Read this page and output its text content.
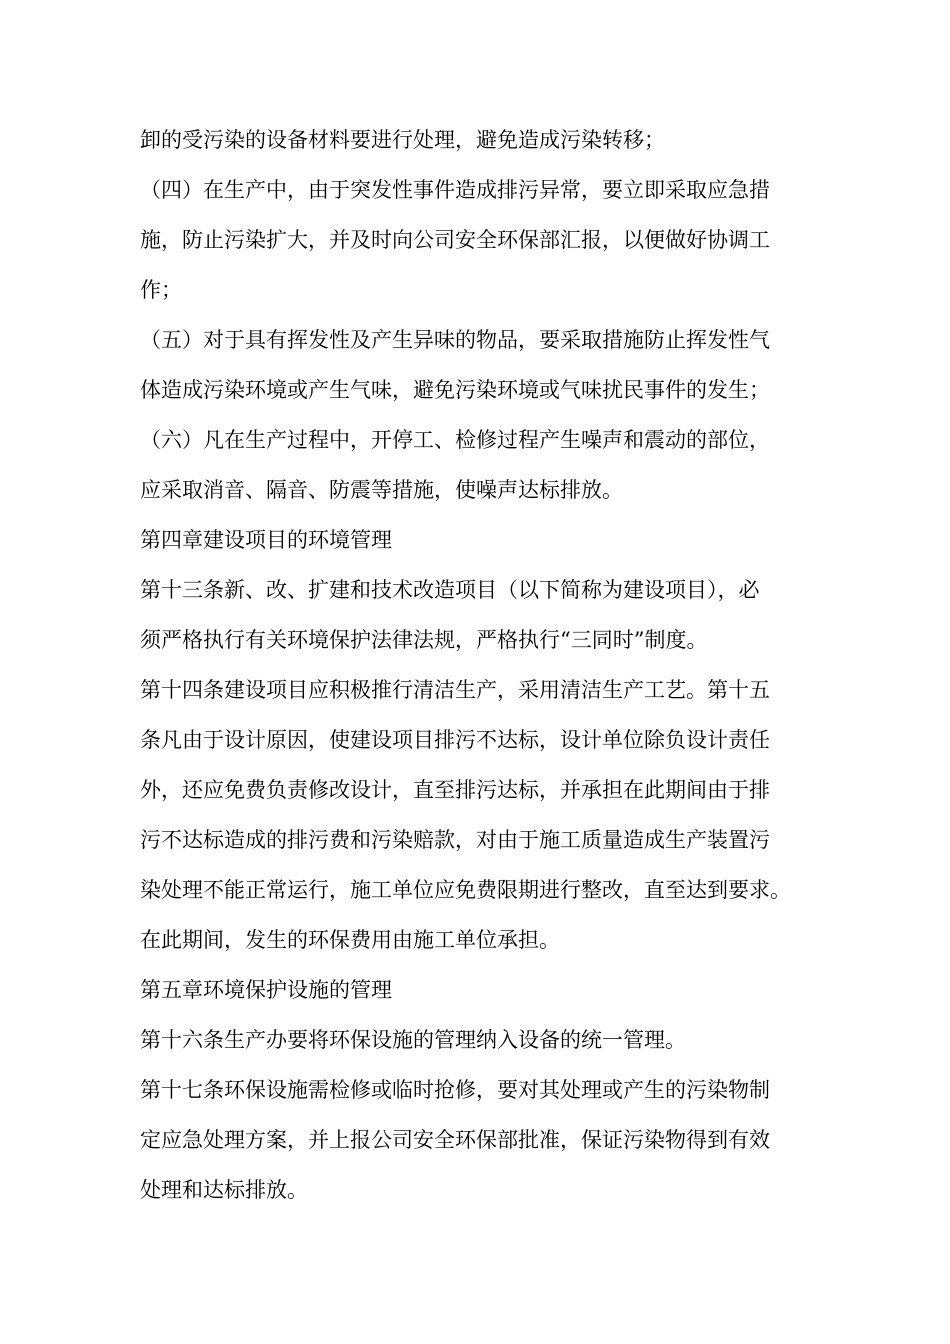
卸的受污染的设备材料要进行处理，避免造成污染转移；
（四）在生产中，由于突发性事件造成排污异常，要立即采取应急措
施，防止污染扩大，并及时向公司安全环保部汇报，以便做好协调工
作；
（五）对于具有挥发性及产生异味的物品，要采取措施防止挥发性气
体造成污染环境或产生气味，避免污染环境或气味扰民事件的发生；
（六）凡在生产过程中，开停工、检修过程产生噪声和震动的部位，
应采取消音、隔音、防震等措施，使噪声达标排放。
第四章建设项目的环境管理
第十三条新、改、扩建和技术改造项目（以下简称为建设项目），必
须严格执行有关环境保护法律法规，严格执行“三同时”制度。
第十四条建设项目应积极推行清洁生产，采用清洁生产工艺。第十五
条凡由于设计原因，使建设项目排污不达标，设计单位除负设计责任
外，还应免费负责修改设计，直至排污达标，并承担在此期间由于排
污不达标造成的排污费和污染赔款，对由于施工质量造成生产装置污
染处理不能正常运行，施工单位应免费限期进行整改，直至达到要求。
在此期间，发生的环保费用由施工单位承担。
第五章环境保护设施的管理
第十六条生产办要将环保设施的管理纳入设备的统一管理。
第十七条环保设施需检修或临时抢修，要对其处理或产生的污染物制
定应急处理方案，并上报公司安全环保部批准，保证污染物得到有效
处理和达标排放。
